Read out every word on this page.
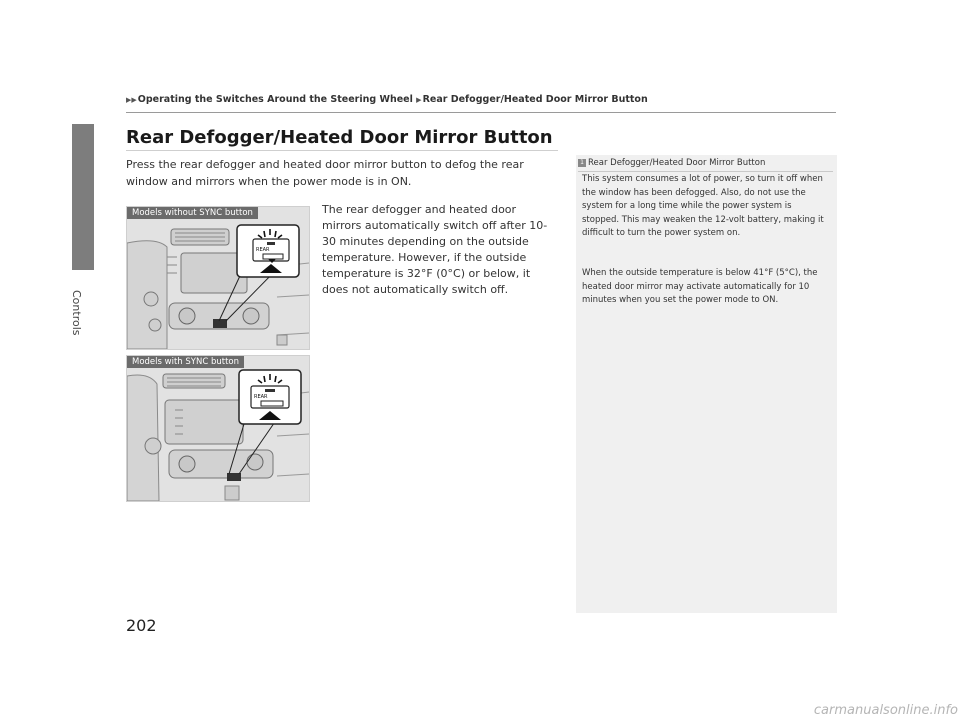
Controls
▶▶Operating the Switches Around the Steering Wheel ▶Rear Defogger/Heated Door Mirror Button
Rear Defogger/Heated Door Mirror Button
Press the rear defogger and heated door mirror button to defog the rear window and mirrors when the power mode is in ON.
The rear defogger and heated door mirrors automatically switch off after 10-30 minutes depending on the outside temperature. However, if the outside temperature is 32°F (0°C) or below, it does not automatically switch off.
REAR
Models without SYNC button
REAR
Models with SYNC button
1 Rear Defogger/Heated Door Mirror Button
This system consumes a lot of power, so turn it off when the window has been defogged. Also, do not use the system for a long time while the power system is stopped. This may weaken the 12-volt battery, making it difficult to turn the power system on.
When the outside temperature is below 41°F (5°C), the heated door mirror may activate automatically for 10 minutes when you set the power mode to ON.
202
carmanualsonline.info
